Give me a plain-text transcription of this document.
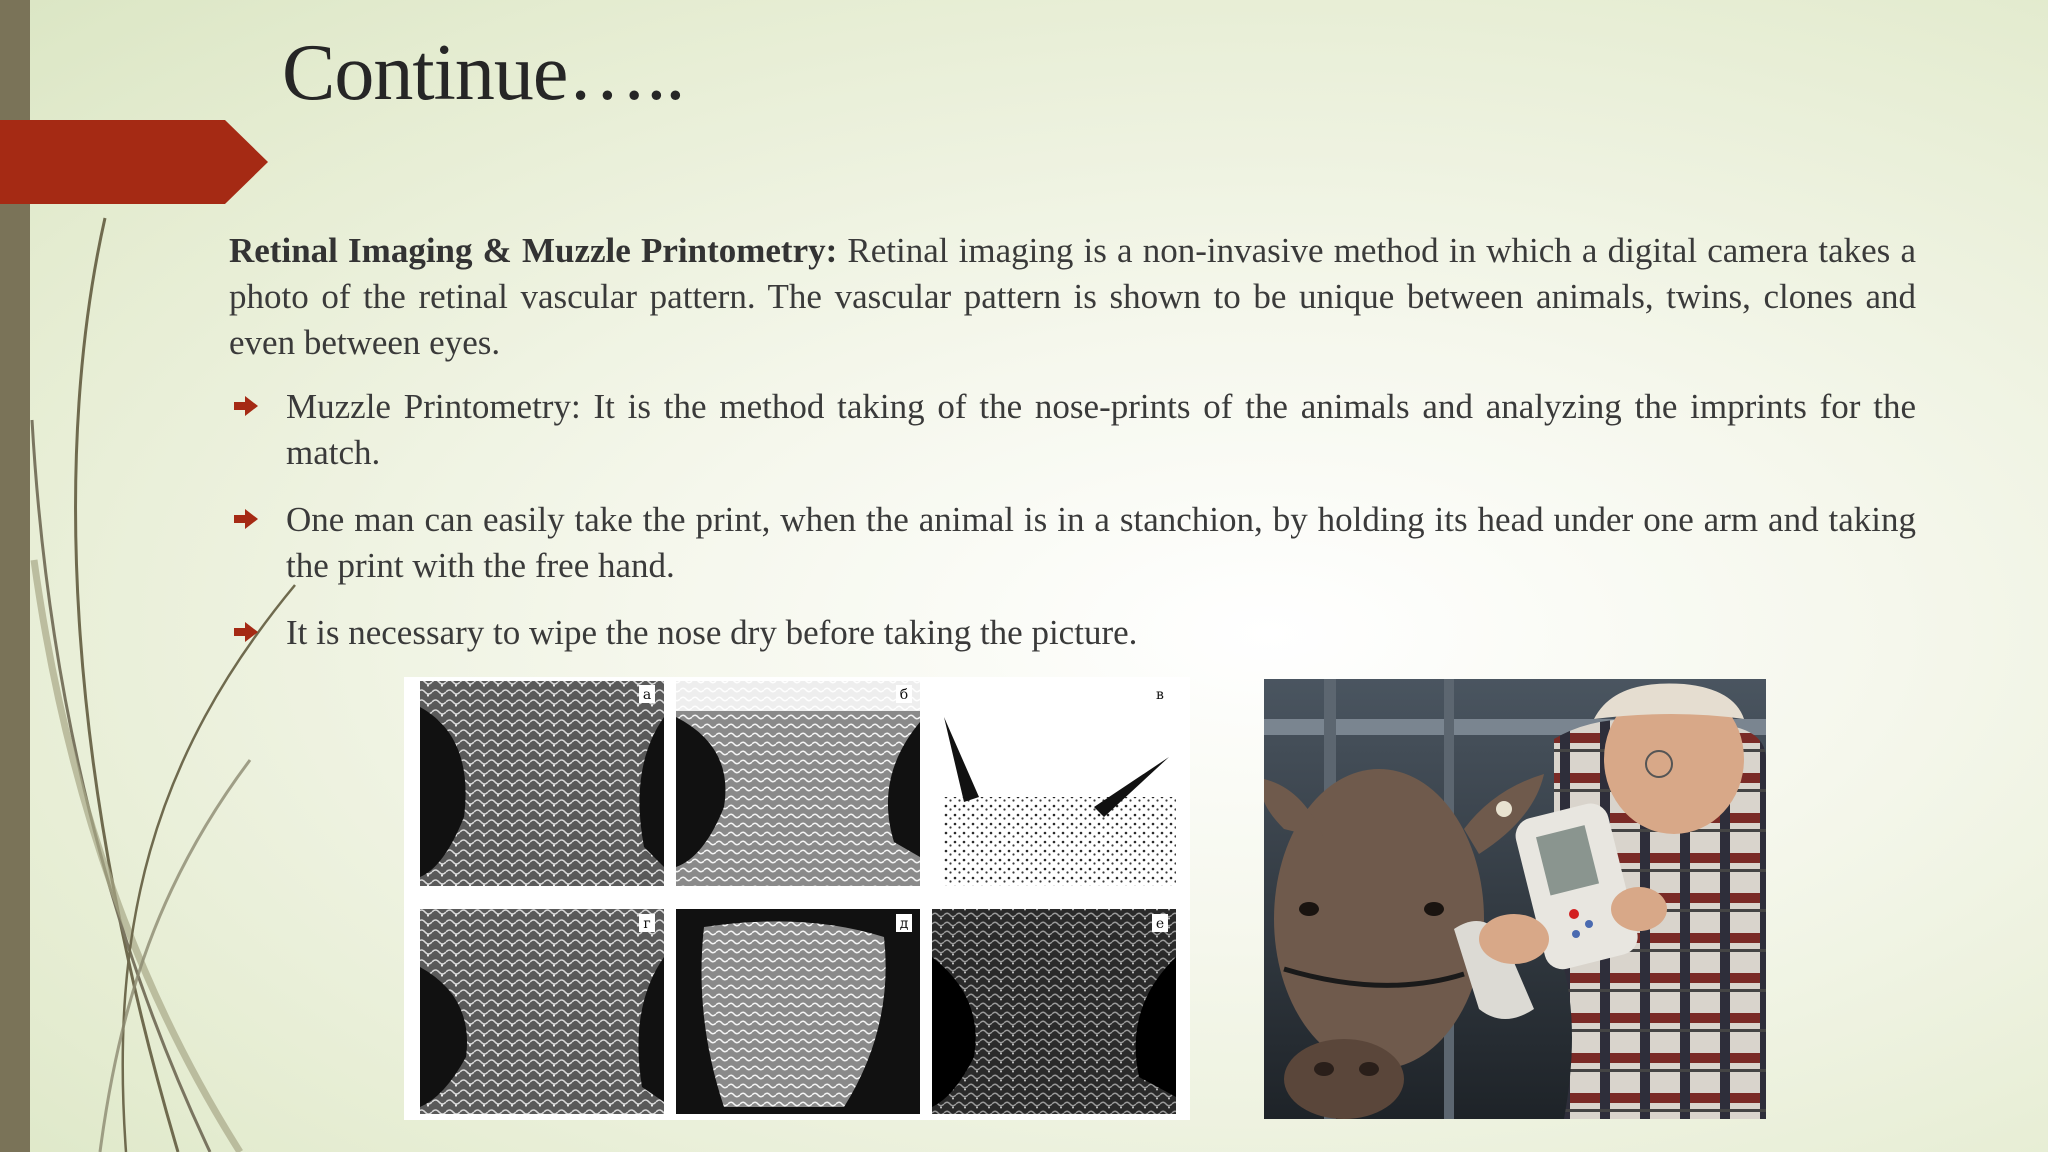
Continue…..

Retinal Imaging & Muzzle Printometry: Retinal imaging is a non-invasive method in which a digital camera takes a photo of the retinal vascular pattern. The vascular pattern is shown to be unique between animals, twins, clones and even between eyes.

Muzzle Printometry: It is the method taking of the nose-prints of the animals and analyzing the imprints for the match.
One man can easily take the print, when the animal is in a stanchion, by holding its head under one arm and taking the print with the free hand.
It is necessary to wipe the nose dry before taking the picture.
а	б	в
г	д	е
